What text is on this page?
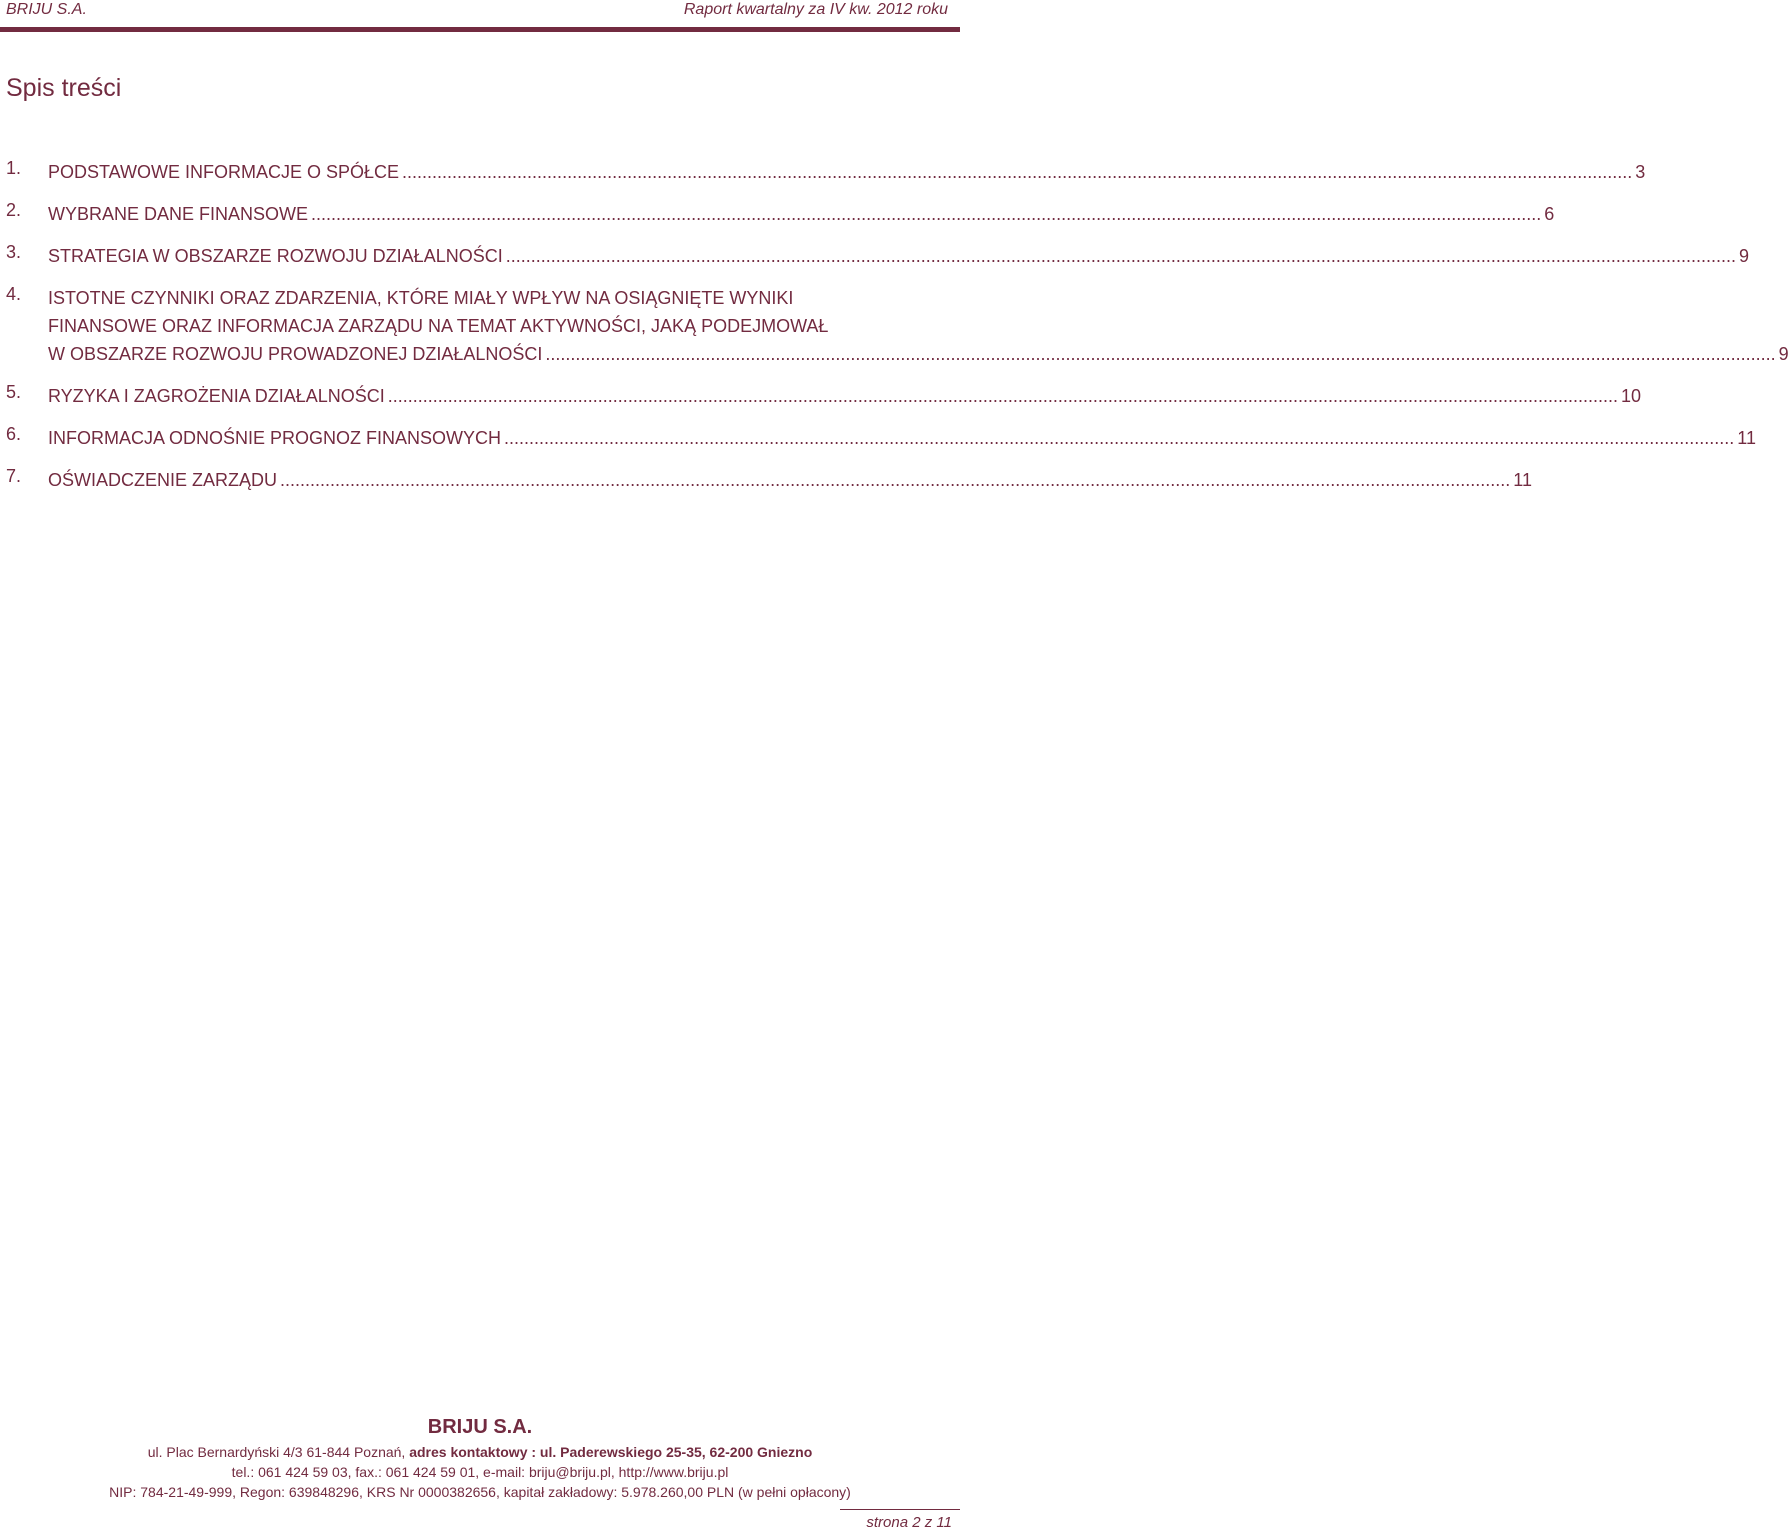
BRIJU S.A.	Raport kwartalny za IV kw. 2012 roku
Spis treści
1.	PODSTAWOWE INFORMACJE O SPÓŁCE .....	3
2.	WYBRANE DANE FINANSOWE .....	6
3.	STRATEGIA W OBSZARZE ROZWOJU DZIAŁALNOŚCI .....	9
4.	ISTOTNE CZYNNIKI ORAZ ZDARZENIA, KTÓRE MIAŁY WPŁYW NA OSIĄGNIĘTE WYNIKI
FINANSOWE ORAZ INFORMACJA ZARZĄDU NA TEMAT AKTYWNOŚCI, JAKĄ PODEJMOWAŁ
W OBSZARZE ROZWOJU PROWADZONEJ DZIAŁALNOŚCI .....	9
5.	RYZYKA I ZAGROŻENIA DZIAŁALNOŚCI .....	10
6.	INFORMACJA ODNOŚNIE PROGNOZ FINANSOWYCH .....	11
7.	OŚWIADCZENIE ZARZĄDU .....	11
BRIJU S.A.
ul. Plac Bernardyński 4/3 61-844 Poznań, adres kontaktowy : ul. Paderewskiego 25-35, 62-200 Gniezno
tel.: 061 424 59 03, fax.: 061 424 59 01, e-mail: briju@briju.pl, http://www.briju.pl
NIP: 784-21-49-999, Regon: 639848296, KRS Nr 0000382656, kapitał zakładowy: 5.978.260,00 PLN (w pełni opłacony)
strona 2 z 11
